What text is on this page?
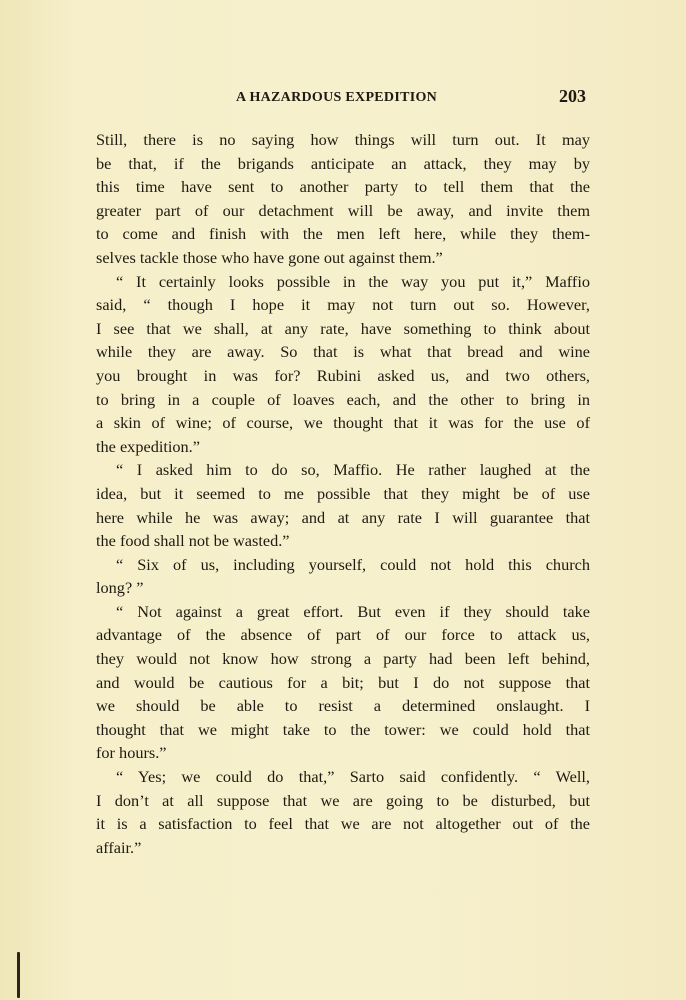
A HAZARDOUS EXPEDITION	203
Still, there is no saying how things will turn out. It may
be that, if the brigands anticipate an attack, they may by
this time have sent to another party to tell them that the
greater part of our detachment will be away, and invite them
to come and finish with the men left here, while they them-
selves tackle those who have gone out against them.”
“ It certainly looks possible in the way you put it,” Maffio
said, “ though I hope it may not turn out so. However,
I see that we shall, at any rate, have something to think about
while they are away. So that is what that bread and wine
you brought in was for? Rubini asked us, and two others,
to bring in a couple of loaves each, and the other to bring in
a skin of wine; of course, we thought that it was for the use of
the expedition.”
“ I asked him to do so, Maffio. He rather laughed at the
idea, but it seemed to me possible that they might be of use
here while he was away; and at any rate I will guarantee that
the food shall not be wasted.”
“ Six of us, including yourself, could not hold this church
long? ”
“ Not against a great effort. But even if they should take
advantage of the absence of part of our force to attack us,
they would not know how strong a party had been left behind,
and would be cautious for a bit; but I do not suppose that
we should be able to resist a determined onslaught. I
thought that we might take to the tower: we could hold that
for hours.”
“ Yes; we could do that,” Sarto said confidently. “ Well,
I don’t at all suppose that we are going to be disturbed, but
it is a satisfaction to feel that we are not altogether out of the
affair.”
